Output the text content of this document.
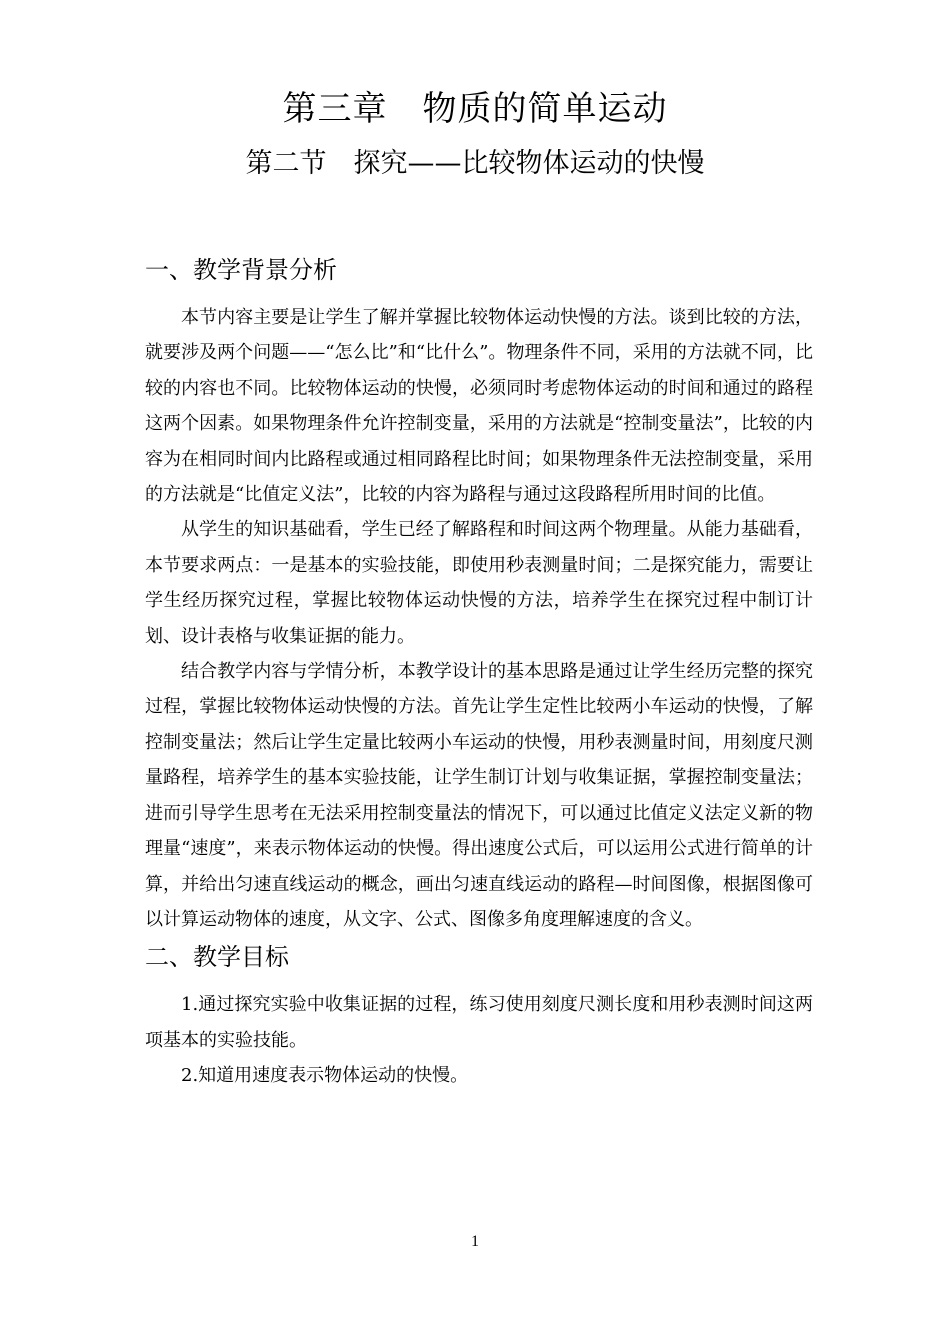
第三章　物质的简单运动
第二节　探究——比较物体运动的快慢
一、教学背景分析

本节内容主要是让学生了解并掌握比较物体运动快慢的方法。谈到比较的方法，就要涉及两个问题——“怎么比”和“比什么”。物理条件不同，采用的方法就不同，比较的内容也不同。比较物体运动的快慢，必须同时考虑物体运动的时间和通过的路程这两个因素。如果物理条件允许控制变量，采用的方法就是“控制变量法”，比较的内容为在相同时间内比路程或通过相同路程比时间；如果物理条件无法控制变量，采用的方法就是“比值定义法”，比较的内容为路程与通过这段路程所用时间的比值。

从学生的知识基础看，学生已经了解路程和时间这两个物理量。从能力基础看，本节要求两点：一是基本的实验技能，即使用秒表测量时间；二是探究能力，需要让学生经历探究过程，掌握比较物体运动快慢的方法，培养学生在探究过程中制订计划、设计表格与收集证据的能力。

结合教学内容与学情分析，本教学设计的基本思路是通过让学生经历完整的探究过程，掌握比较物体运动快慢的方法。首先让学生定性比较两小车运动的快慢，了解控制变量法；然后让学生定量比较两小车运动的快慢，用秒表测量时间，用刻度尺测量路程，培养学生的基本实验技能，让学生制订计划与收集证据，掌握控制变量法；进而引导学生思考在无法采用控制变量法的情况下，可以通过比值定义法定义新的物理量“速度”，来表示物体运动的快慢。得出速度公式后，可以运用公式进行简单的计算，并给出匀速直线运动的概念，画出匀速直线运动的路程—时间图像，根据图像可以计算运动物体的速度，从文字、公式、图像多角度理解速度的含义。

二、教学目标

1.通过探究实验中收集证据的过程，练习使用刻度尺测长度和用秒表测时间这两项基本的实验技能。

2.知道用速度表示物体运动的快慢。

1
